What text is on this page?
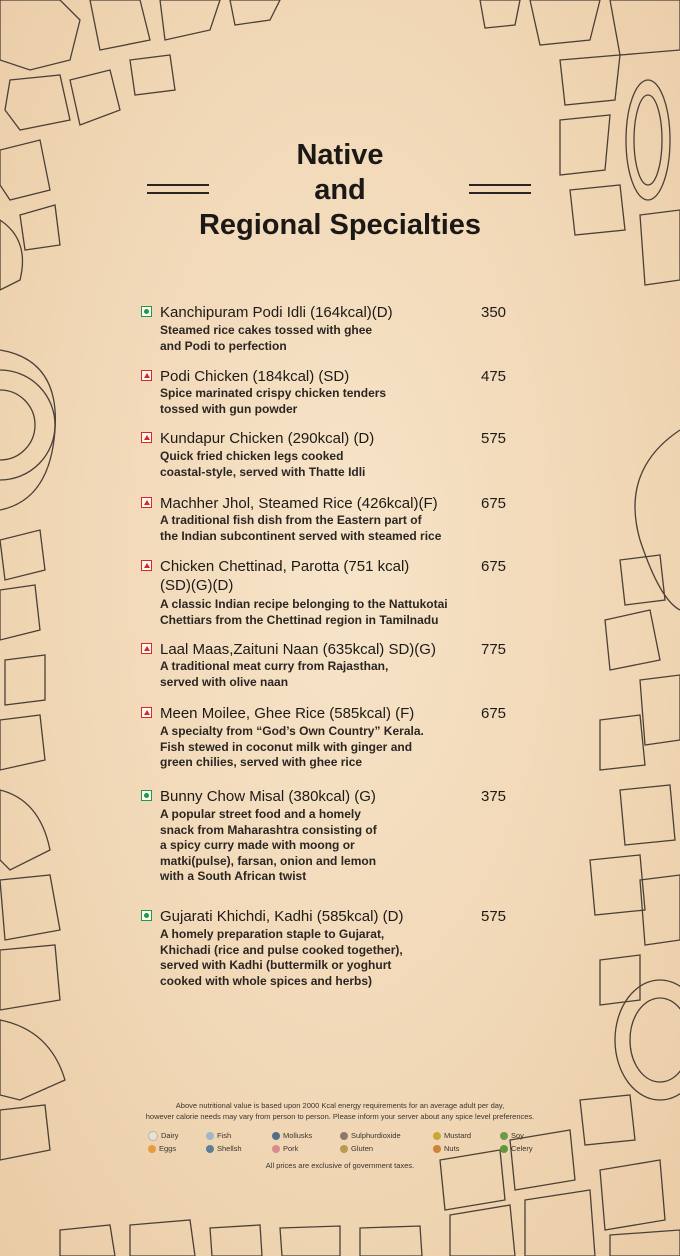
Native
and
Regional Specialties
Kanchipuram Podi Idli (164kcal)(D)	350
Steamed rice cakes tossed with ghee
and Podi to perfection
Podi Chicken (184kcal) (SD)	475
Spice marinated crispy chicken tenders
tossed with gun powder
Kundapur Chicken (290kcal) (D)	575
Quick fried chicken legs cooked
coastal-style, served with Thatte Idli
Machher Jhol, Steamed Rice (426kcal)(F)	675
A traditional fish dish from the Eastern part of
the Indian subcontinent served with steamed rice
Chicken Chettinad, Parotta (751 kcal)
(SD)(G)(D)
675
A classic Indian recipe belonging to the Nattukotai
Chettiars from the Chettinad region in Tamilnadu
Laal Maas,Zaituni Naan (635kcal) SD)(G)	775
A traditional meat curry from Rajasthan,
served with olive naan
Meen Moilee, Ghee Rice (585kcal) (F)	675
A specialty from “God’s Own Country” Kerala.
Fish stewed in coconut milk with ginger and
green chilies, served with ghee rice
Bunny Chow Misal (380kcal) (G)	375
A popular street food and a homely
snack from Maharashtra consisting of
a spicy curry made with moong or
matki(pulse), farsan, onion and lemon
with a South African twist
Gujarati Khichdi, Kadhi (585kcal) (D)	575
A homely preparation staple to Gujarat,
Khichadi (rice and pulse cooked together),
served with Kadhi (buttermilk or yoghurt
cooked with whole spices and herbs)
Above nutritional value is based upon 2000 Kcal energy requirements for an average adult per day,
however calorie needs may vary from person to person. Please inform your server about any spice level preferences.
Dairy
Eggs
Fish
Shellsh
Mollusks
Pork
Sulphurdioxide
Gluten
Mustard
Nuts
Soy
Celery
All prices are exclusive of government taxes.
